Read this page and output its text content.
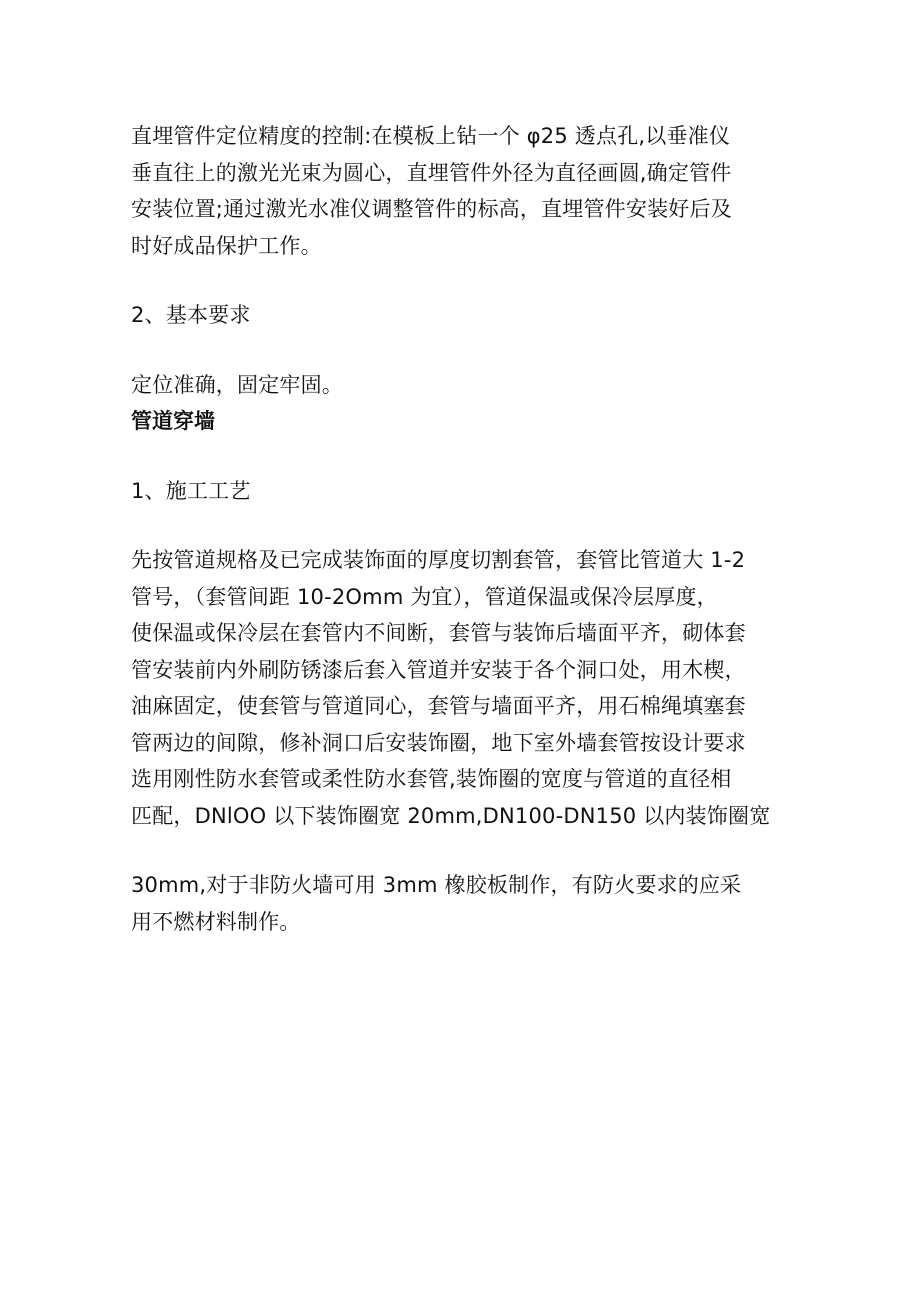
直埋管件定位精度的控制:在模板上钻一个 φ25 透点孔,以垂准仪
垂直往上的激光光束为圆心，直埋管件外径为直径画圆,确定管件
安装位置;通过激光水准仪调整管件的标高，直埋管件安装好后及
时好成品保护工作。

2、基本要求

定位准确，固定牢固。

管道穿墙

1、施工工艺

先按管道规格及已完成装饰面的厚度切割套管，套管比管道大 1-2
管号，（套管间距 10-2Omm 为宜），管道保温或保冷层厚度，
使保温或保冷层在套管内不间断，套管与装饰后墙面平齐，砌体套
管安装前内外刷防锈漆后套入管道并安装于各个洞口处，用木楔，
油麻固定，使套管与管道同心，套管与墙面平齐，用石棉绳填塞套
管两边的间隙，修补洞口后安装饰圈，地下室外墙套管按设计要求
选用刚性防水套管或柔性防水套管,装饰圈的宽度与管道的直径相
匹配，DNlOO 以下装饰圈宽 20mm,DN100-DN150 以内装饰圈宽

30mm,对于非防火墙可用 3mm 橡胶板制作，有防火要求的应采
用不燃材料制作。
